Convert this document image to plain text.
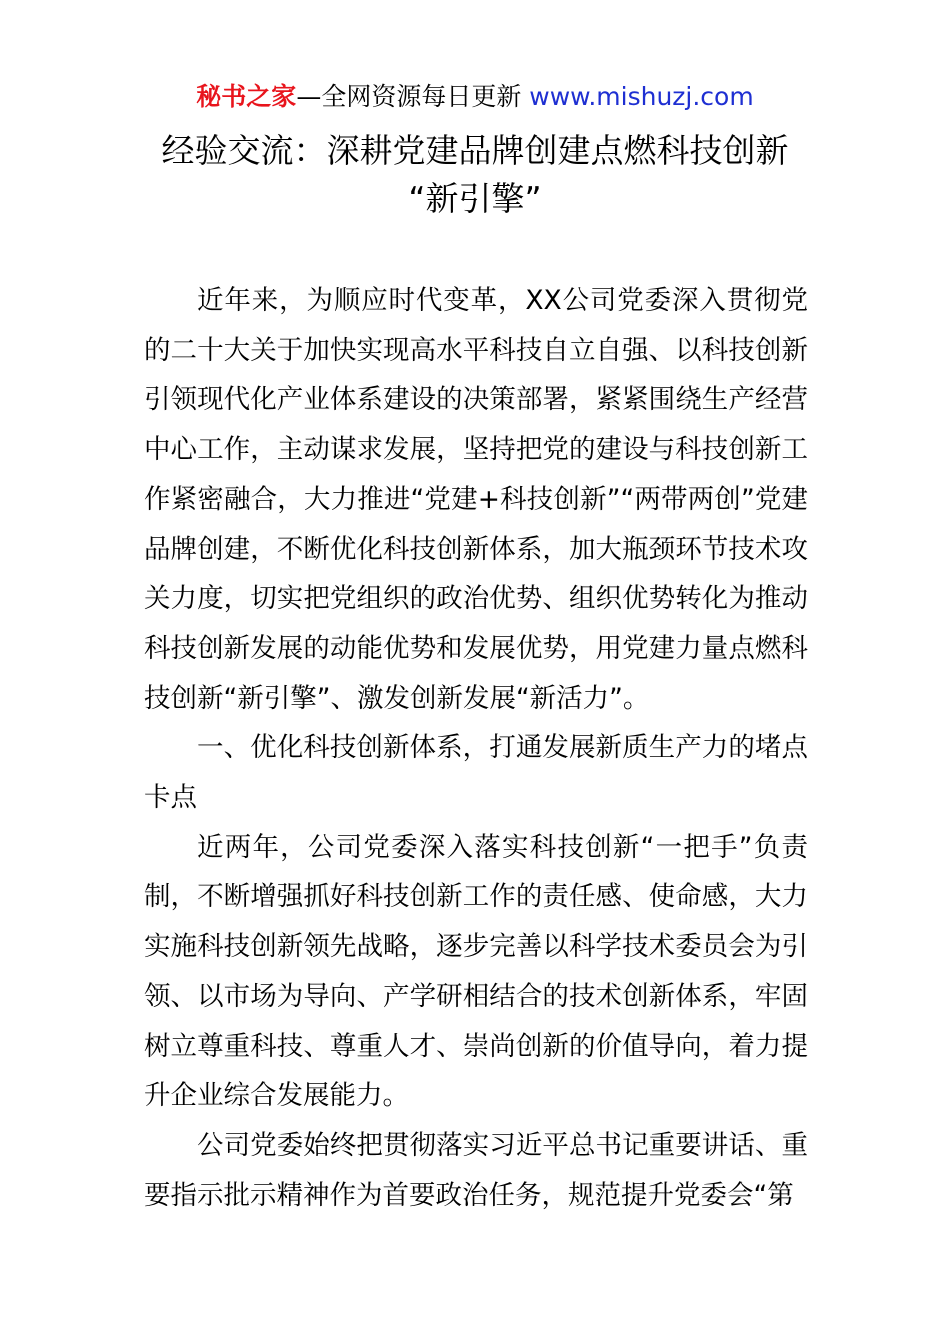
秘书之家—全网资源每日更新 www.mishuzj.com
经验交流：深耕党建品牌创建点燃科技创新
“新引擎”

近年来，为顺应时代变革，XX公司党委深入贯彻党的二十大关于加快实现高水平科技自立自强、以科技创新引领现代化产业体系建设的决策部署，紧紧围绕生产经营中心工作，主动谋求发展，坚持把党的建设与科技创新工作紧密融合，大力推进“党建+科技创新”“两带两创”党建品牌创建，不断优化科技创新体系，加大瓶颈环节技术攻关力度，切实把党组织的政治优势、组织优势转化为推动科技创新发展的动能优势和发展优势，用党建力量点燃科技创新“新引擎”、激发创新发展“新活力”。

一、优化科技创新体系，打通发展新质生产力的堵点卡点

近两年，公司党委深入落实科技创新“一把手”负责制，不断增强抓好科技创新工作的责任感、使命感，大力实施科技创新领先战略，逐步完善以科学技术委员会为引领、以市场为导向、产学研相结合的技术创新体系，牢固树立尊重科技、尊重人才、崇尚创新的价值导向，着力提升企业综合发展能力。

公司党委始终把贯彻落实习近平总书记重要讲话、重要指示批示精神作为首要政治任务，规范提升党委会“第
